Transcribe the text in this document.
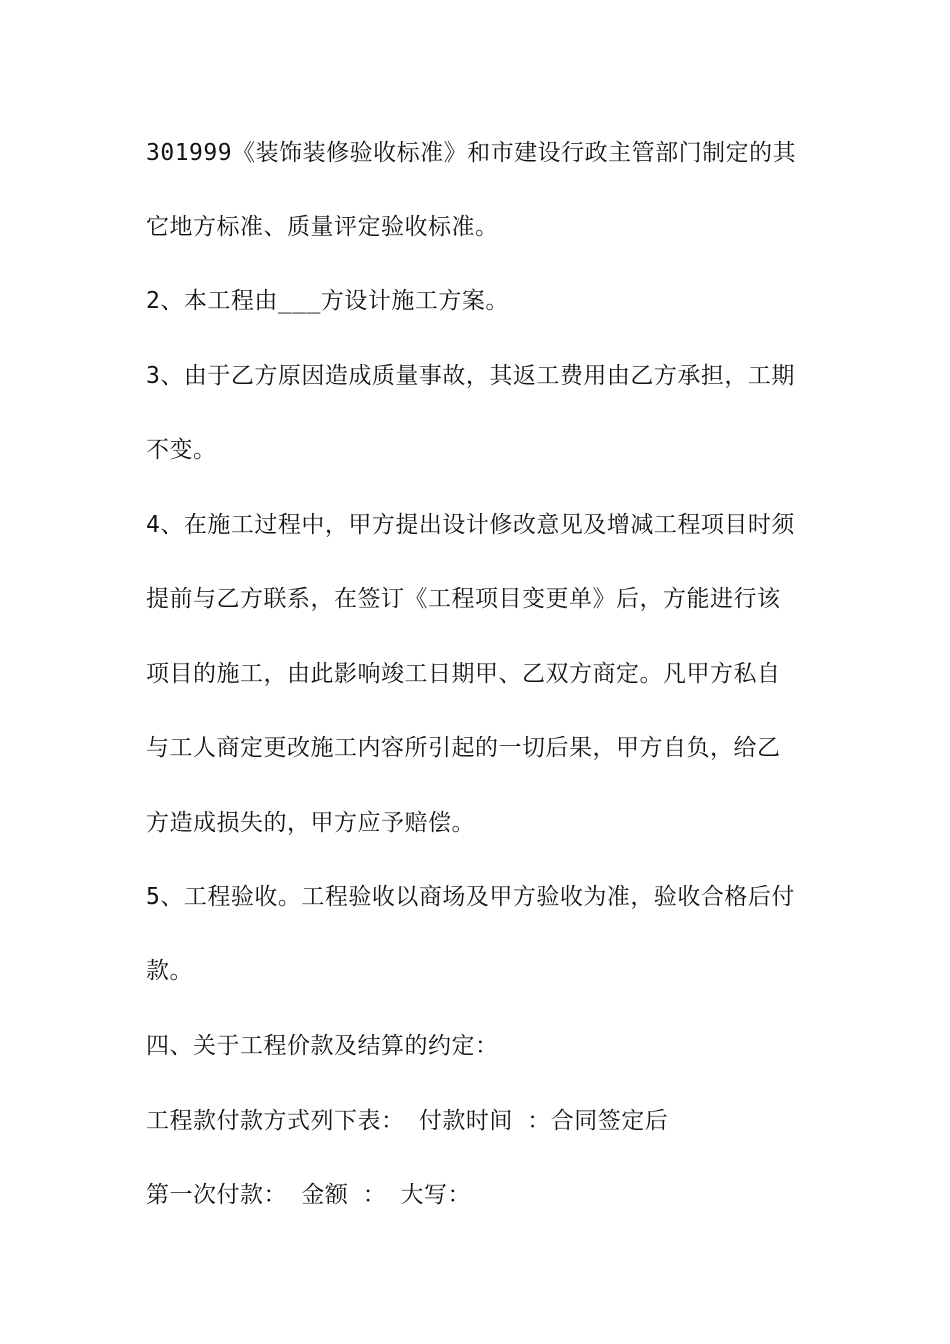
301999《装饰装修验收标准》和市建设行政主管部门制定的其

它地方标准、质量评定验收标准。

2、本工程由___方设计施工方案。

3、由于乙方原因造成质量事故，其返工费用由乙方承担，工期

不变。

4、在施工过程中，甲方提出设计修改意见及增减工程项目时须

提前与乙方联系，在签订《工程项目变更单》后，方能进行该

项目的施工，由此影响竣工日期甲、乙双方商定。凡甲方私自

与工人商定更改施工内容所引起的一切后果，甲方自负，给乙

方造成损失的，甲方应予赔偿。

5、工程验收。工程验收以商场及甲方验收为准，验收合格后付

款。

四、关于工程价款及结算的约定：

工程款付款方式列下表： 付款时间 ：合同签定后

第一次付款： 金额 ： 大写：
